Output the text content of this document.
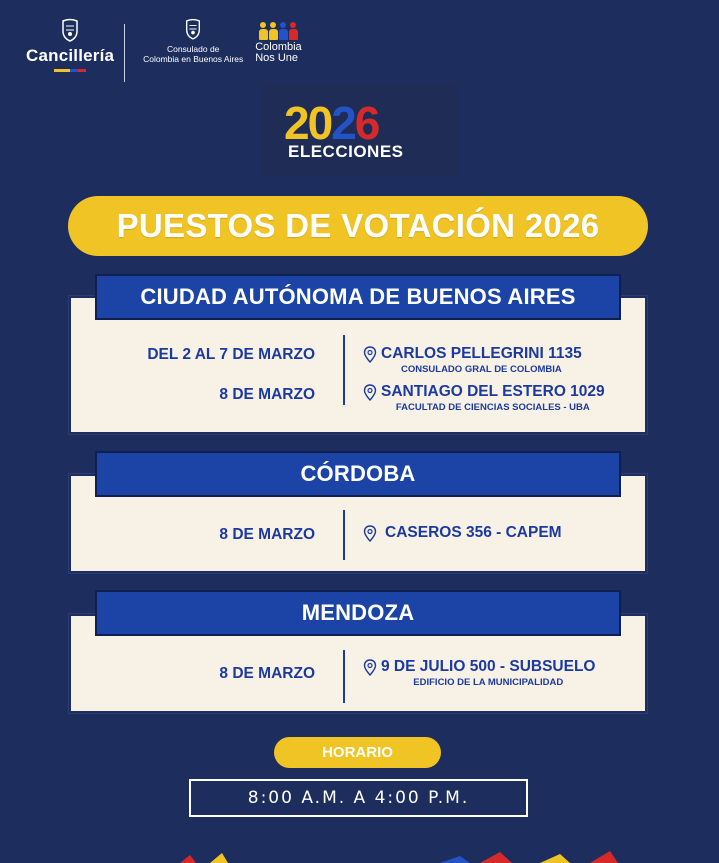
Cancillería	Consulado de
Colombia en Buenos Aires
Colombia
Nos Une
2026
ELECCIONES
PUESTOS DE VOTACIÓN 2026
DEL 2 AL 7 DE MARZO	CARLOS PELLEGRINI 1135
CONSULADO GRAL DE COLOMBIA
8 DE MARZO	SANTIAGO DEL ESTERO 1029
FACULTAD DE CIENCIAS SOCIALES - UBA
CIUDAD AUTÓNOMA DE BUENOS AIRES
8 DE MARZO	CASEROS 356 - CAPEM
CÓRDOBA
8 DE MARZO	9 DE JULIO 500 - SUBSUELO
EDIFICIO DE LA MUNICIPALIDAD
MENDOZA
HORARIO
8:00 A.M. A 4:00 P.M.
